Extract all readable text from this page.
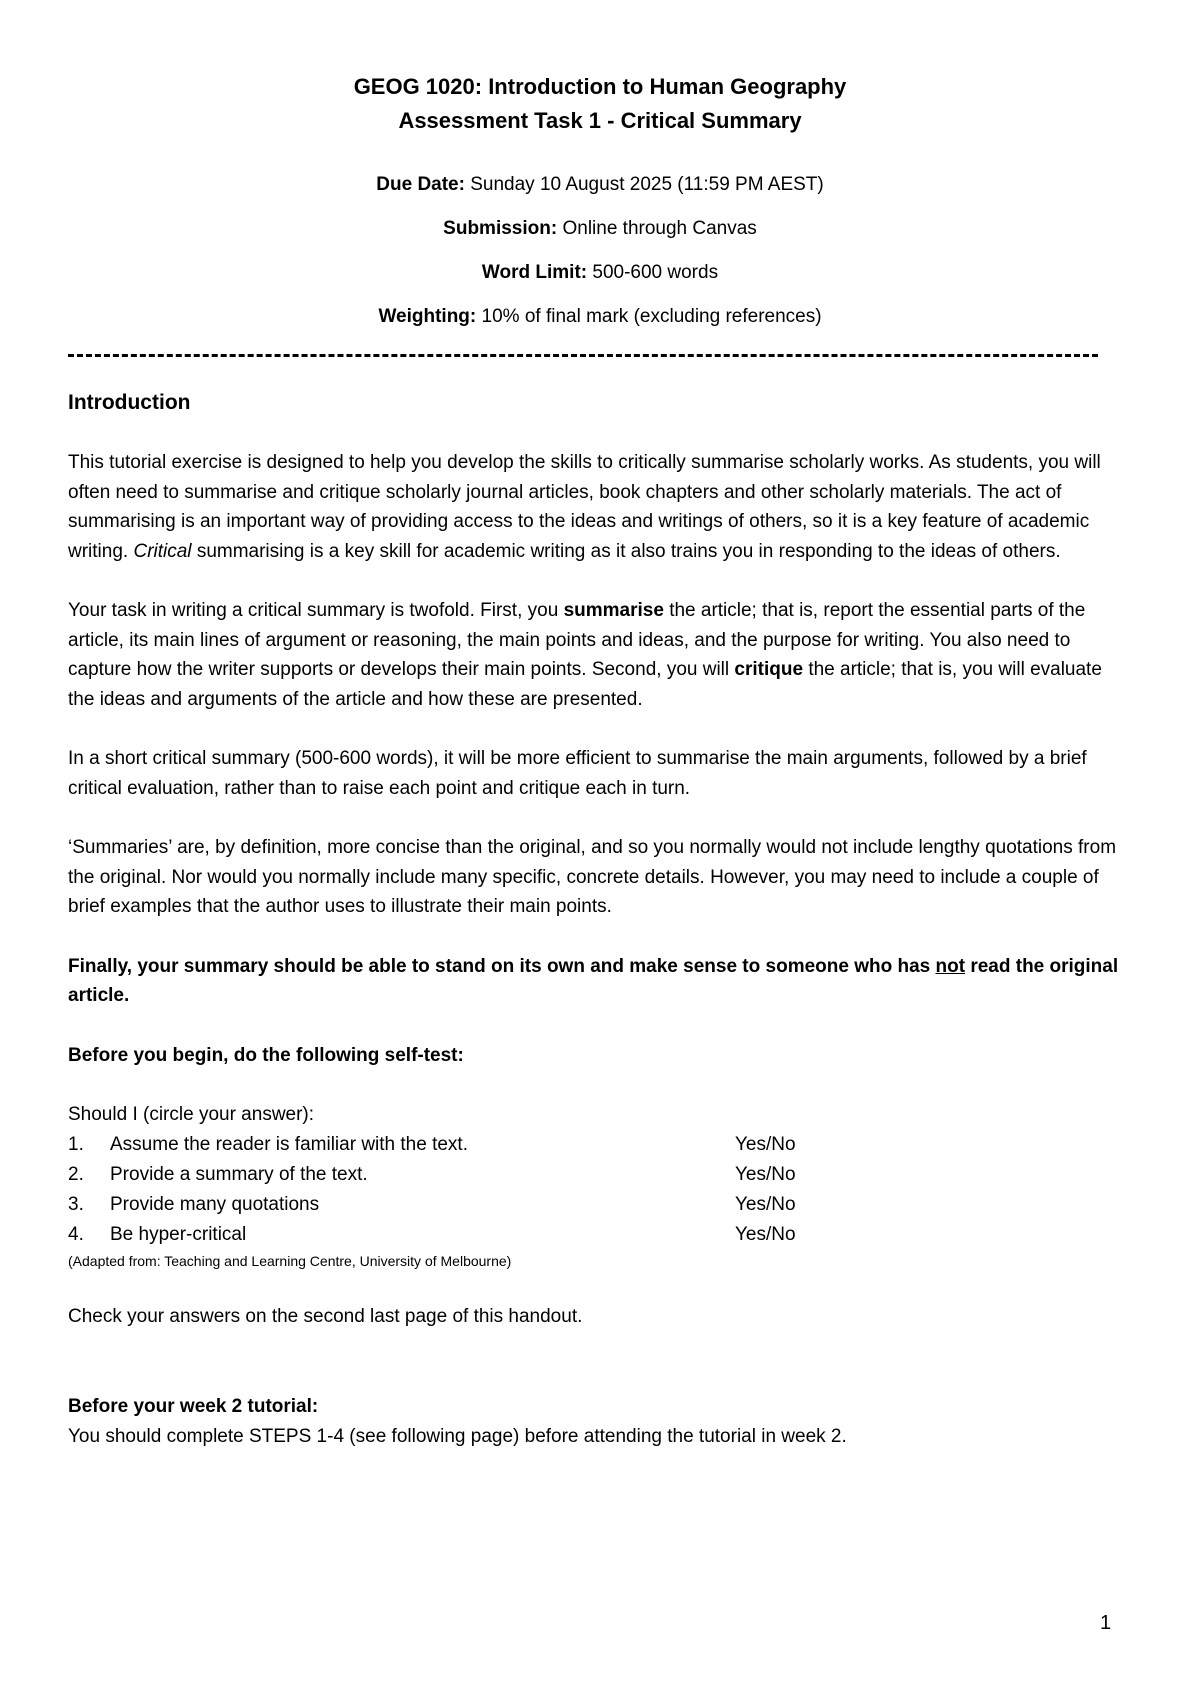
GEOG 1020: Introduction to Human Geography
Assessment Task 1 - Critical Summary
Due Date: Sunday 10 August 2025 (11:59 PM AEST)
Submission: Online through Canvas
Word Limit: 500-600 words
Weighting: 10% of final mark (excluding references)
Introduction

This tutorial exercise is designed to help you develop the skills to critically summarise scholarly works. As students, you will often need to summarise and critique scholarly journal articles, book chapters and other scholarly materials. The act of summarising is an important way of providing access to the ideas and writings of others, so it is a key feature of academic writing. Critical summarising is a key skill for academic writing as it also trains you in responding to the ideas of others.

Your task in writing a critical summary is twofold. First, you summarise the article; that is, report the essential parts of the article, its main lines of argument or reasoning, the main points and ideas, and the purpose for writing. You also need to capture how the writer supports or develops their main points. Second, you will critique the article; that is, you will evaluate the ideas and arguments of the article and how these are presented.

In a short critical summary (500-600 words), it will be more efficient to summarise the main arguments, followed by a brief critical evaluation, rather than to raise each point and critique each in turn.

‘Summaries’ are, by definition, more concise than the original, and so you normally would not include lengthy quotations from the original. Nor would you normally include many specific, concrete details. However, you may need to include a couple of brief examples that the author uses to illustrate their main points.

Finally, your summary should be able to stand on its own and make sense to someone who has not read the original article.

Before you begin, do the following self-test:

Should I (circle your answer):
1.	Assume the reader is familiar with the text.	Yes/No
2.	Provide a summary of the text.	Yes/No
3.	Provide many quotations	Yes/No
4.	Be hyper-critical	Yes/No
(Adapted from: Teaching and Learning Centre, University of Melbourne)

Check your answers on the second last page of this handout.

Before your week 2 tutorial:
You should complete STEPS 1-4 (see following page) before attending the tutorial in week 2.
1
